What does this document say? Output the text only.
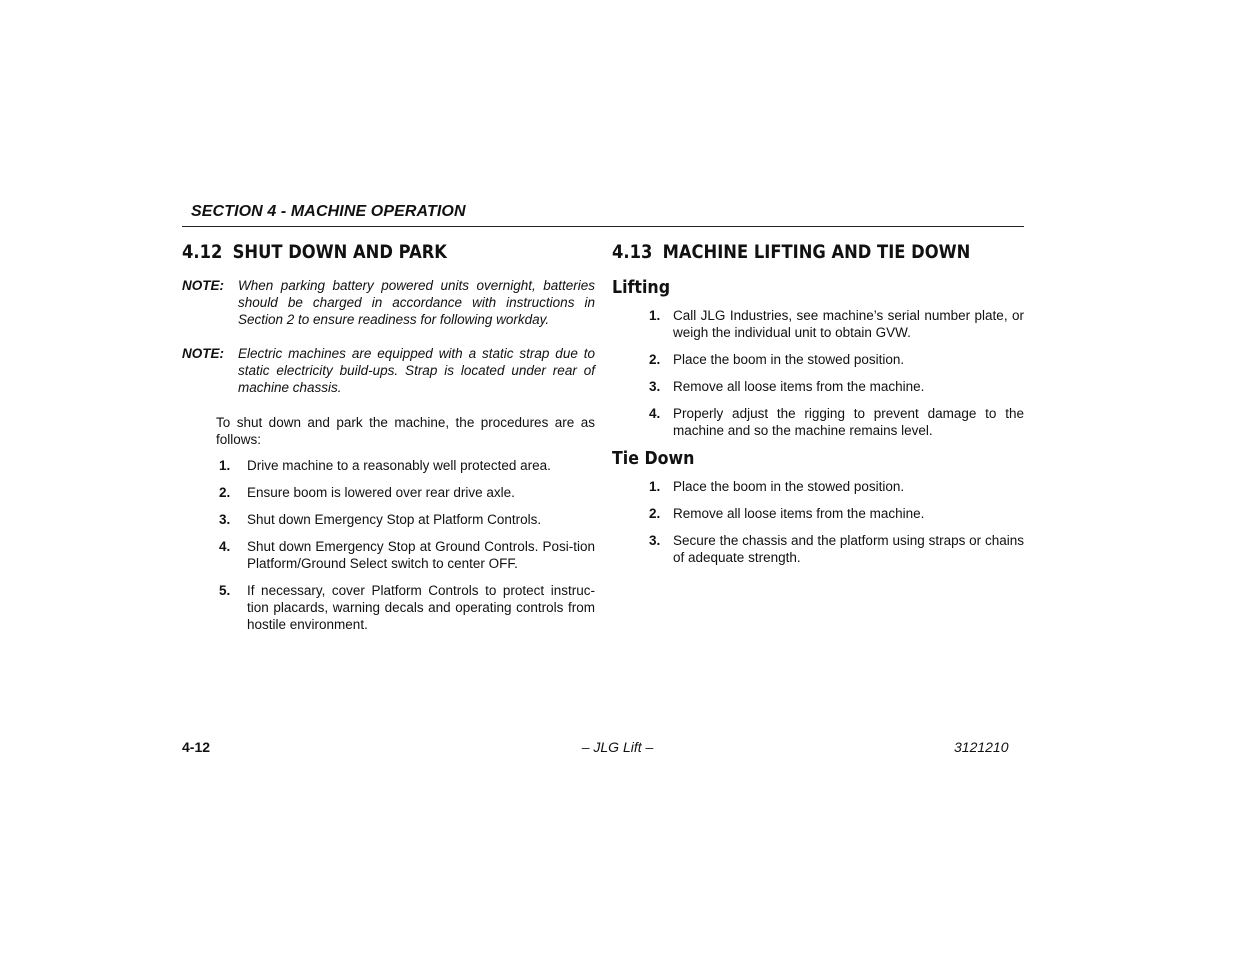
SECTION 4 - MACHINE OPERATION
4.12 SHUT DOWN AND PARK
NOTE:	When parking battery powered units overnight, batteries should be charged in accordance with instructions in Section 2 to ensure readiness for following workday.
NOTE:	Electric machines are equipped with a static strap due to static electricity build-ups. Strap is located under rear of machine chassis.
To shut down and park the machine, the procedures are as follows:
1.	Drive machine to a reasonably well protected area.
2.	Ensure boom is lowered over rear drive axle.
3.	Shut down Emergency Stop at Platform Controls.
4.	Shut down Emergency Stop at Ground Controls. Posi-tion Platform/Ground Select switch to center OFF.
5.	If necessary, cover Platform Controls to protect instruc-tion placards, warning decals and operating controls from hostile environment.
4.13 MACHINE LIFTING AND TIE DOWN
Lifting
1. Call JLG Industries, see machine’s serial number plate, or weigh the individual unit to obtain GVW.
2. Place the boom in the stowed position.
3. Remove all loose items from the machine.
4. Properly adjust the rigging to prevent damage to the machine and so the machine remains level.
Tie Down
1. Place the boom in the stowed position.
2. Remove all loose items from the machine.
3. Secure the chassis and the platform using straps or chains of adequate strength.
4-12	– JLG Lift –	3121210
